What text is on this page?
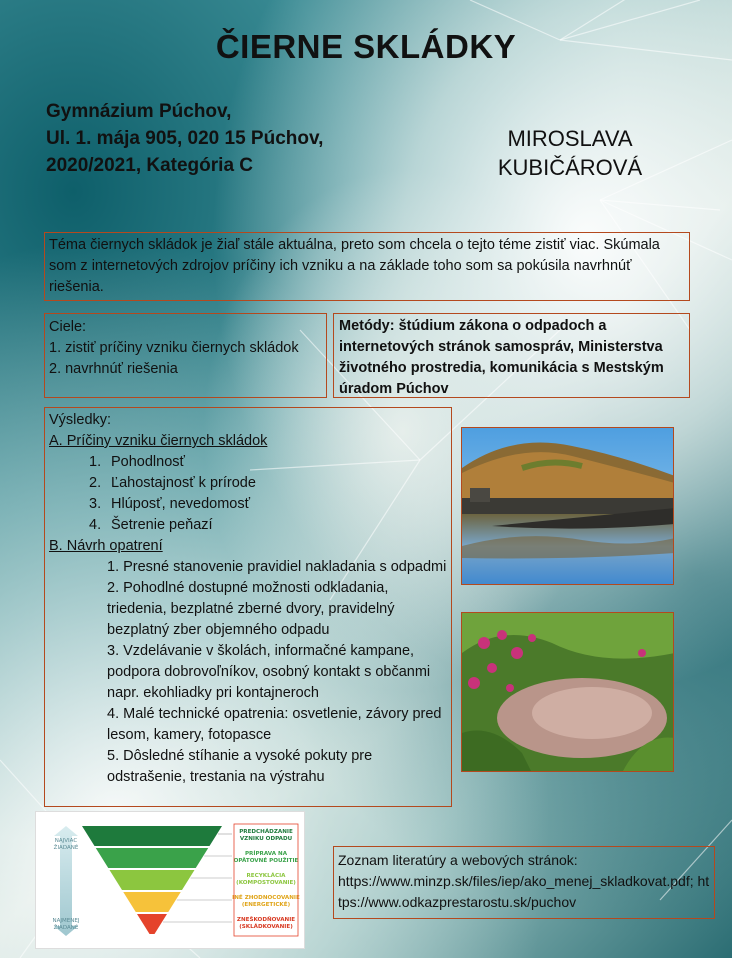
ČIERNE SKLÁDKY
Gymnázium Púchov,
Ul. 1. mája 905, 020 15 Púchov,
2020/2021, Kategória C
MIROSLAVA
KUBIČÁROVÁ
Téma čiernych skládok je žiaľ stále aktuálna, preto som chcela o tejto téme zistiť viac. Skúmala som z internetových zdrojov príčiny ich vzniku a na základe toho som sa pokúsila navrhnúť riešenia.
Ciele:
1. zistiť príčiny vzniku čiernych skládok
2. navrhnúť riešenia
Metódy: štúdium zákona o odpadoch a internetových stránok samospráv, Ministerstva životného prostredia, komunikácia s Mestským úradom Púchov
Výsledky:
A. Príčiny vzniku čiernych skládok
1. Pohodlnosť
2. Ľahostajnosť k prírode
3. Hlúposť, nevedomosť
4. Šetrenie peňazí
B. Návrh opatrení
1. Presné stanovenie pravidiel nakladania s odpadmi
2. Pohodlné dostupné možnosti odkladania, triedenia, bezplatné zberné dvory, pravidelný bezplatný zber objemného odpadu
3. Vzdelávanie v školách, informačné kampane, podpora dobrovoľníkov, osobný kontakt s občanmi napr. ekohliadky pri kontajneroch
4. Malé technické opatrenia: osvetlenie, závory pred lesom, kamery, fotopasce
5. Dôsledné stíhanie a vysoké pokuty pre odstrašenie, trestania na výstrahu
NAJVIAC
ŽIADANÉ
NAJMENEJ
ŽIADANÉ
PREDCHÁDZANIE
VZNIKU ODPADU
PRÍPRAVA NA
OPÄTOVNÉ POUŽITIE
RECYKLÁCIA
(KOMPOSTOVANIE)
INÉ ZHODNOCOVANIE
(ENERGETICKÉ)
ZNEŠKODŇOVANIE
(SKLÁDKOVANIE)
Zoznam literatúry a webových stránok:
https://www.minzp.sk/files/iep/ako_menej_skladkovat.pdf; https://www.odkazprestarostu.sk/puchov
